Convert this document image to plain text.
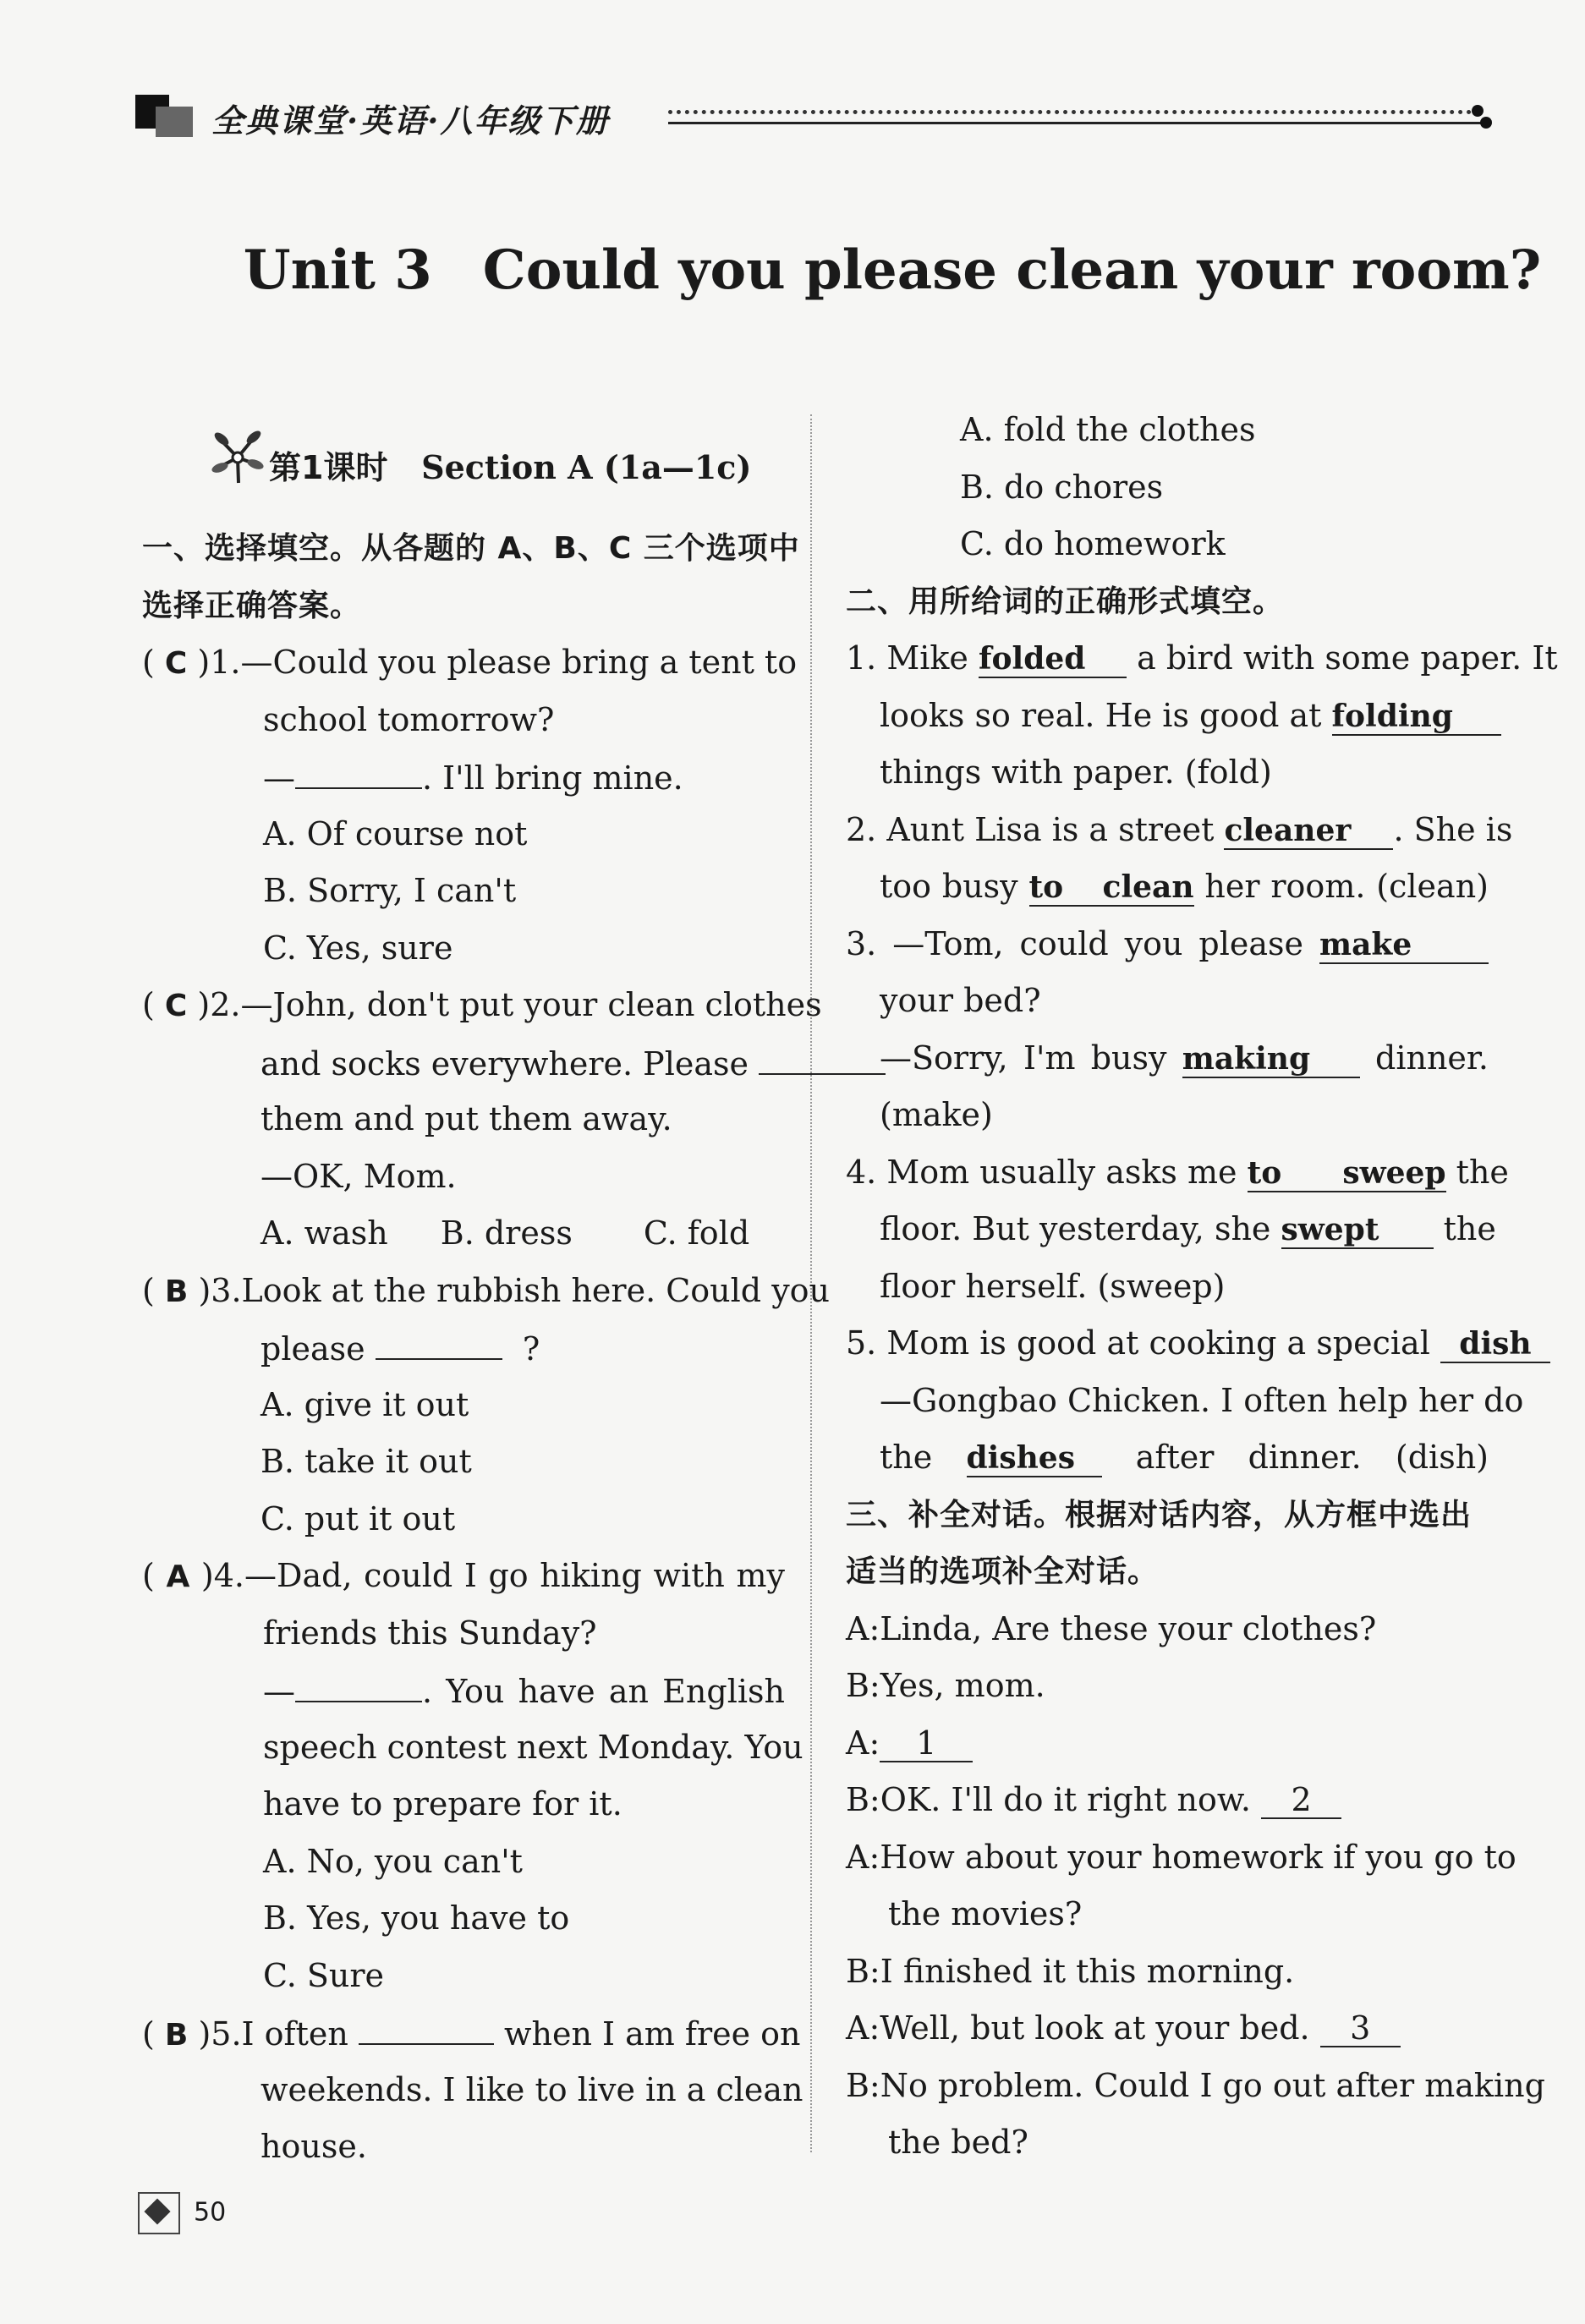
全典课堂·英语·八年级下册
Unit 3 Could you please clean your room?
第1课时 Section A (1a—1c)
一、选择填空。从各题的 A、B、C 三个选项中
选择正确答案。
( C )1.—Could you please bring a tent to
school tomorrow?
—	. I'll bring mine.
A. Of course not
B. Sorry, I can't
C. Yes, sure
( C )2.—John, don't put your clean clothes
and socks everywhere. Please
them and put them away.
—OK, Mom.
A. wash B. dress C. fold
( B )3.Look at the rubbish here. Could you
please	?
A. give it out
B. take it out
C. put it out
( A )4.—Dad, could I go hiking with my
friends this Sunday?
—	. You have an English
speech contest next Monday. You
have to prepare for it.
A. No, you can't
B. Yes, you have to
C. Sure
( B )5.I often	when I am free on
weekends. I like to live in a clean
house.
A. fold the clothes
B. do chores
C. do homework
二、用所给词的正确形式填空。
1. Mike folded a bird with some paper. It
looks so real. He is good at folding
things with paper. (fold)
2. Aunt Lisa is a street cleaner . She is
too busy to clean her room. (clean)
3. —Tom, could you please make
your bed?
—Sorry, I'm busy making dinner.
(make)
4. Mom usually asks me to sweep the
floor. But yesterday, she swept the
floor herself. (sweep)
5. Mom is good at cooking a special dish
—Gongbao Chicken. I often help her do
the dishes after dinner. (dish)
三、补全对话。根据对话内容，从方框中选出
适当的选项补全对话。
A:Linda, Are these your clothes?
B:Yes, mom.
A: 1
B:OK. I'll do it right now. 2
A:How about your homework if you go to
the movies?
B:I finished it this morning.
A:Well, but look at your bed. 3
B:No problem. Could I go out after making
the bed?
50
